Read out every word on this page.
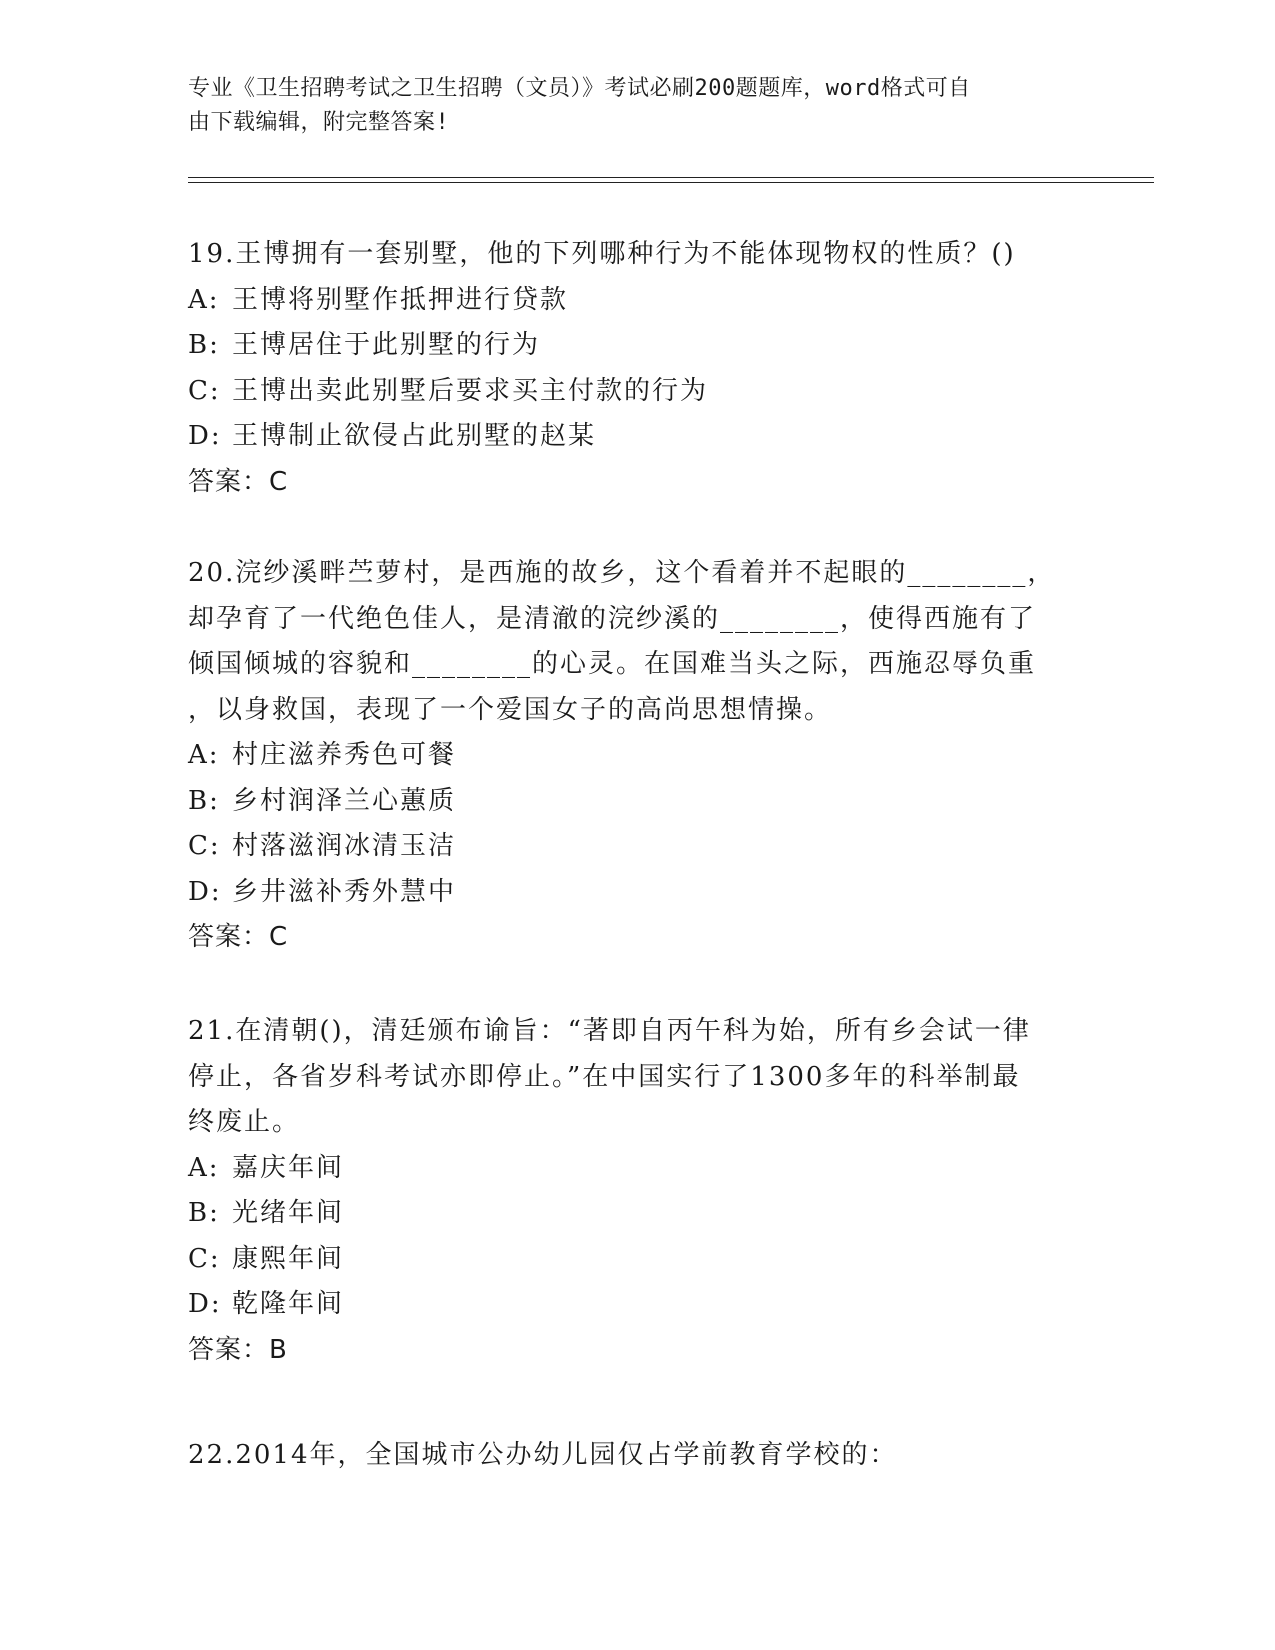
专业《卫生招聘考试之卫生招聘（文员）》考试必刷200题题库，word格式可自
由下载编辑，附完整答案!

19.王博拥有一套别墅，他的下列哪种行为不能体现物权的性质？()

A: 王博将别墅作抵押进行贷款

B: 王博居住于此别墅的行为

C: 王博出卖此别墅后要求买主付款的行为

D: 王博制止欲侵占此别墅的赵某

答案：C

20.浣纱溪畔苎萝村，是西施的故乡，这个看着并不起眼的________，

却孕育了一代绝色佳人，是清澈的浣纱溪的________，使得西施有了

倾国倾城的容貌和________的心灵。在国难当头之际，西施忍辱负重

，以身救国，表现了一个爱国女子的高尚思想情操。

A: 村庄滋养秀色可餐

B: 乡村润泽兰心蕙质

C: 村落滋润冰清玉洁

D: 乡井滋补秀外慧中

答案：C

21.在清朝()，清廷颁布谕旨：“著即自丙午科为始，所有乡会试一律

停止，各省岁科考试亦即停止。”在中国实行了1300多年的科举制最

终废止。

A: 嘉庆年间

B: 光绪年间

C: 康熙年间

D: 乾隆年间

答案：B

22.2014年，全国城市公办幼儿园仅占学前教育学校的：
